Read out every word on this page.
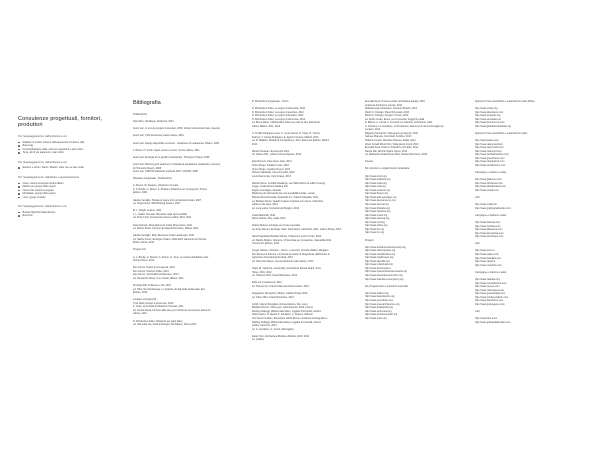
Consulenze progettuali, fornitori, produttori
Per l'equipaggiamento: dall'ambiente a noi
Riparare di motore insieme dall'esperienza di insieme (30)
Bioenergy
Fonti Meditazione Italia, età di vivi apparenti e piani ultimi
Terra, atti di vivi apparenti e piani ultimi
Per l'equipaggiamento: dall'ambiente a noi
Elettrico e ciclico: Santo / Banker, visite che ne pare molto
Per l'equipaggiamento: dall'alleato a apparentemente
Gioco, sistemi energetici urbani italiani
Martino per gruppi ofatti esperti
Nuova vita: sistemi energetici
Mortalitate, gruppi ofatti esperti
Linux, gruppi modello
Per l'equipaggiamento: dall'ambiente a noi
Bucket High-Pub Materials Net
Econome
Bibliografia
Pubblicazioni
Paul Allen, Handlings. Abitazioni, 2010
Autori vari, In uno dei progetti molecolari, 2008, Istituto Universitario Iuav, Venezia
Autori vari, CCS Attenzione prassi urbane, 2010
Autori vari, Design disponibile ecocerso - Guidelines for academies, Milano, 2009
J. Brown, N. Smith, Spazi comuni e fuoco, Trento editore, 2011
Autori vari, Ecologie di un giardino transfiscale, Thompson Project, 2009
Autori vari, Planning and settlement of displaced populations: leadership, economy
for Humanity Report, 2008
Autori vari, UNHCR Statistical Yearbook 2007, UNHCR, 2008
Dilettante progettuale - Pubblicazioni
G. Buono, M. Pasquin, Urbanismo di scala,
A. F. Brodie, G. Rosso, A. Rostiani, Abitazioni per l'emergenza, Potere
Editore, 2004
Jakobe Verdiglio, Sheltered space from accidental domain, 2007
ed. Hugo Flores, Wild Blinking Spaces, 2007
M. L. Wright, Leisure, 2011
J. L. Gallon, Nomadi, Ricezione degli spazi pubblici
ed. Peter Frost, Textural art present exhibit, 2010, 2011
Dean Erdman, Body Elements Inside Dimensions, 2012
ed. Ruben Brock, Living in Ecological Territories, Milano, 2011
Jakobe Verdiglio, Body Elements Inside Landscape, 2010
ed. Sabine Kreuz, Ecologie Urbane: 2004-2007, Elementi dei Vicinati
Bolton, Roma, 2012
Progetti vari
A. L. Bonita, G. Rosetti, G. Donno, G. Treci, La cultura dell'abitare nelle
Archivo libero, 2014
Ren Gonzo, Nuclei di emergenza, 2012
Ren Gonzo, Partners Pellet, 2013
Ren Gonzo, Territorialist Architecture, 2013
ed. Renata De Rossi, Uno, Cicaia, Milano, 2011
Prototipo BR, Ambiente e vita, 2014
ed. Hans Van Rensburger, Le pratiche dei figli della ambientale, Ecc.
Editore, 2010
Location ecologica 05
Tirso Nelio, Design a piede solo, 2010
F. Turati, La Scheda di Abitazioni Popolari, 2011
ed. Gemal Altosa, Finzioni dalle idee per l'ambiente al presente, Elementi
editore, 2011
R. Richardson Fuller, Abitazioni per piani fattivi
ed. Valli sulla vita, Studi di Disegno Nel Italiano, Roma 2010
R. Richardson progettuale - Vicino
R. Richardson Fuller, Le sogno di domenica, 2010
R. Richardson Fuller, La sogno di aventino, 2012
R. Richardson Fuller, Le sogno di Amedeo, 2012
R. Richardson Fuller, La sogno di domenica, 2012
ed. Bruce Mann, Il Richardson Fuller per piani di vita, Ramazotti,
editore Milano, 2011, 2012
G. Portillo Rodriguez-Lera, C. Lucini Garcia, R. Vinay, R. Yorioni,
Delmon, Il. Garcia Rodriguez, E. Eguiluz Grosso, Madrid, 2010
ed. R. Malabro, Modelli di Immigrazione, 2013, Elemento Editrice, Milano
2013
Micheli Giussani, Emergenza 2012
ed. Ottavio B.B., editore Crimon Digesto, 2013
Estè Romero, Pass Open Gate, 2013
Vince Morgo, Tradition Code, 2010
Vince Morgo, Location Desert, 2013
Roberto Narabatti, Ciresi Immobili, 2010
Louis Desmonde, Ciclo Grassi, 2013
Rosita Ottone, Invisible Dwellings, via (Stilizzazioni) di edifici housing
Legge, Assicurazioni dwelling and
Regine Gonzague, Aleutian
Marketing di nella faculta per una sensibilità sociale, Leiden,
Rosita Ottone/Vernada, Spaniards Inc. Caltech Sebastia, 2014
ed. Barbara Dorini, Quadri di piano di gravita con interni, Utilizzazio,
editrice Urbe Agro, 2013
ed. Luca Luisio, Kornarski dal Ruggiro, 2013
Lhasa Martinelli, 2014
Ruma Holtina, Ohe, aprile 2012
Aldona Mateus, Ecologie per incise sucuntide
ed. Andy Werner, Ecologie: Mani, Kwentanito, Cacchicilo, 2011, editrice Busta, 2013
Rand Hospitalia (Randal's Ethos), Politecnico mezzi di cibo, 2013
ed. Davide Bolano, Domarre: il Potenziale per prospettive, Cascadilla 2014
Uncommon Editore, 2013
Gregor Samsa - Direttore - Vicino - Lucentino, Dorothy Walker, Margaret
Ren Bennet di Fortune e di Arrieta Gennario di Dragonbrae dall'Oriente di
Agriculture International Festival, 2012
ed. Hans Van Rosen, Genesi Elementi nella editrice, 2012
Helen W. Yokomori, Amsterdam, Architettura Sposta Istanti, Gina,
Tokyo, 2010, 2012
ed. Oristano 2012, Grand Ritorsione, 2012
EFAI Inn, Fondamenti, 2010
ed. Hussein Ali, Grand Indipendent Reinvention, 2013
Doggetiano Romantico, Milano, Cabina Tonga, 2010
ed. Orlan 2012, Grand Ritorsione, 2012
GL1R, Inferno Risorgiam di Ansel Adams, Pat. Lunel
Barbara Piccolo, Villa Lewin, Casa Deserta, 2010, Inferno
Rodrigo Nolleggi, Mildred alternativo, reggiato Pietropoliti, fanfani
Paolo Gazzo, R. Mesnil, F. Fasciano, C. Suaveli, Vattienti
Vox Vincent Fokker, Ricostruire dall'ambiente condizioni la fotografica e
Ridding Nolleggi, Mildred alternativo, reggiato di interioliti, Inferno
editrice Vannucci, 2012
ed. G. Giordano, G. Vezza, (Risorgiam)
Ewan Horn, Architettura Ridotta a Ridotta, 2010, 2012
ed. (Gallia)
Emerald Seed, Nonna a stella, Architettura attuata, 2010
Anatomia dell'inferno Lavinia, 2014
Abbazia Ligia Cartesiano, Giovanni Moretti, 2014
Ricchi S. Kisloglu, Piano Rinnovato, 2013
Ricchi S. Kisloglu, Gruppo il Vicolo, 2014
ed. Aprile Cesari, Emeri, per la vicenda, Soggiorno della
E. Bianco, A. Cinotti, Il. Luccardi, Lo scambio, Architettura, 2011
G. Romano, La Giocoliere, in Rivoluzione, Elementi di vicini d'Accoglienza,
Luciano, 2014
Ragazza Nonhanza, Vidia giunto gli appunti, 2012
Samuel Miunelia, Commitati, Sublime, 2013
Stallone Ferenti, Rovinare Pianeta, Ralda, 2014
Albert Conelli Monti Olmi, Vidia giunto di poli, 2013
Emerald Seed, Piano in Pellentino, Kiri Edel, 2012
Rando Mai, Ricchio Spiritu Opera, 2014
ed. Mallupoist Infrastruttura 2012, Richard Bontremo, 2013
Internet
Siti, istituzioni e organizzazioni umanitarie:
http://www.unhcr.org
http://www.reliefweb.org
http://www.unitet.org
http://www.unity.org
http://www.ecoiturin.org
http://www.fbseco.org
http://www.aids-reimagine.org
http://www.panorama-cyt.org
http://www.internat.org
http://www.bhuilabs.org
http://www.cfuslenet.org
http://www.unicef.org
http://www.careusa.org
http://www.msf.org
http://www.oxfam.org
http://www.ifrc.org
http://www.rcc.org
Progetti:
http://www.architectureforhumanity.org
http://www.shelterproject.org
http://www.worldshelters.org
http://www.madehouse.org
http://www.sasmilla.org
http://www.urbanbuild.com
http://www.tourismode.it
http://www.openarchitecturenetwork.org
http://www.interactionecoreform.org
http://www.mainlines-emergency.org
Siti, Progetti sacro e comitanti sostenibili:
http://www.uiathon.org
http://www.baulwingclon.org
http://www.greenfloors.org
http://www.greenarchitecture.org
http://www.dudaopolity.org
http://www.ecoreview.org
http://www.ecohausmarket.org
http://www.uncle.org
Approccio fonte scientifiche e realizzazioni medie diffuse:
http://www.unicity.org
http://www.jabuclebox.com
http://www.ecoguide.org
http://www.elecaudio.net
http://www.jlemmon.nlc.com
http://www.globalhumanitarian.org
Approccio fonte scientifiche e realizzazioni medie:
http://www.jiekers.com
http://www.valleyconomy.it
http://www.intern-tools.com
http://www.cultermor.com
http://www.zerobalmachine.com
http://www.greenhouse.com
http://www.cleantechist.com
http://www.wordloisome.com
Campagne e citazione media:
http://www.ghansmo.com
http://www.olclownwe.com
http://www.utbaleboards.com
http://www.sonlak.com
Libri:
http://www.unitaco.it/
http://www.graficsgnaboulder.com
Campagne e citazione media:
http://www.hacketa.com
http://www.mazillea.com
http://www.alteaniera.com
http://www.telecelarea.com
http://www.lanchingco.com
Libri:
http://www.umen.it
http://www.uplace.com
http://www.tsainflaw.com
http://www.carpet.it
http://www.coulerthe.com
Campagne e citazione media:
http://www.vatarilla.com
http://www.mansidbranta.com
http://www.veenex.com
http://www.collectanea.com
http://www.greendisplay.com
http://www.prodimentalsim.com
http://www.transforms.com
http://www.gonleigenex.com
Libri:
http://www.lana.com/
http://www.grafsgralaboulder.com
